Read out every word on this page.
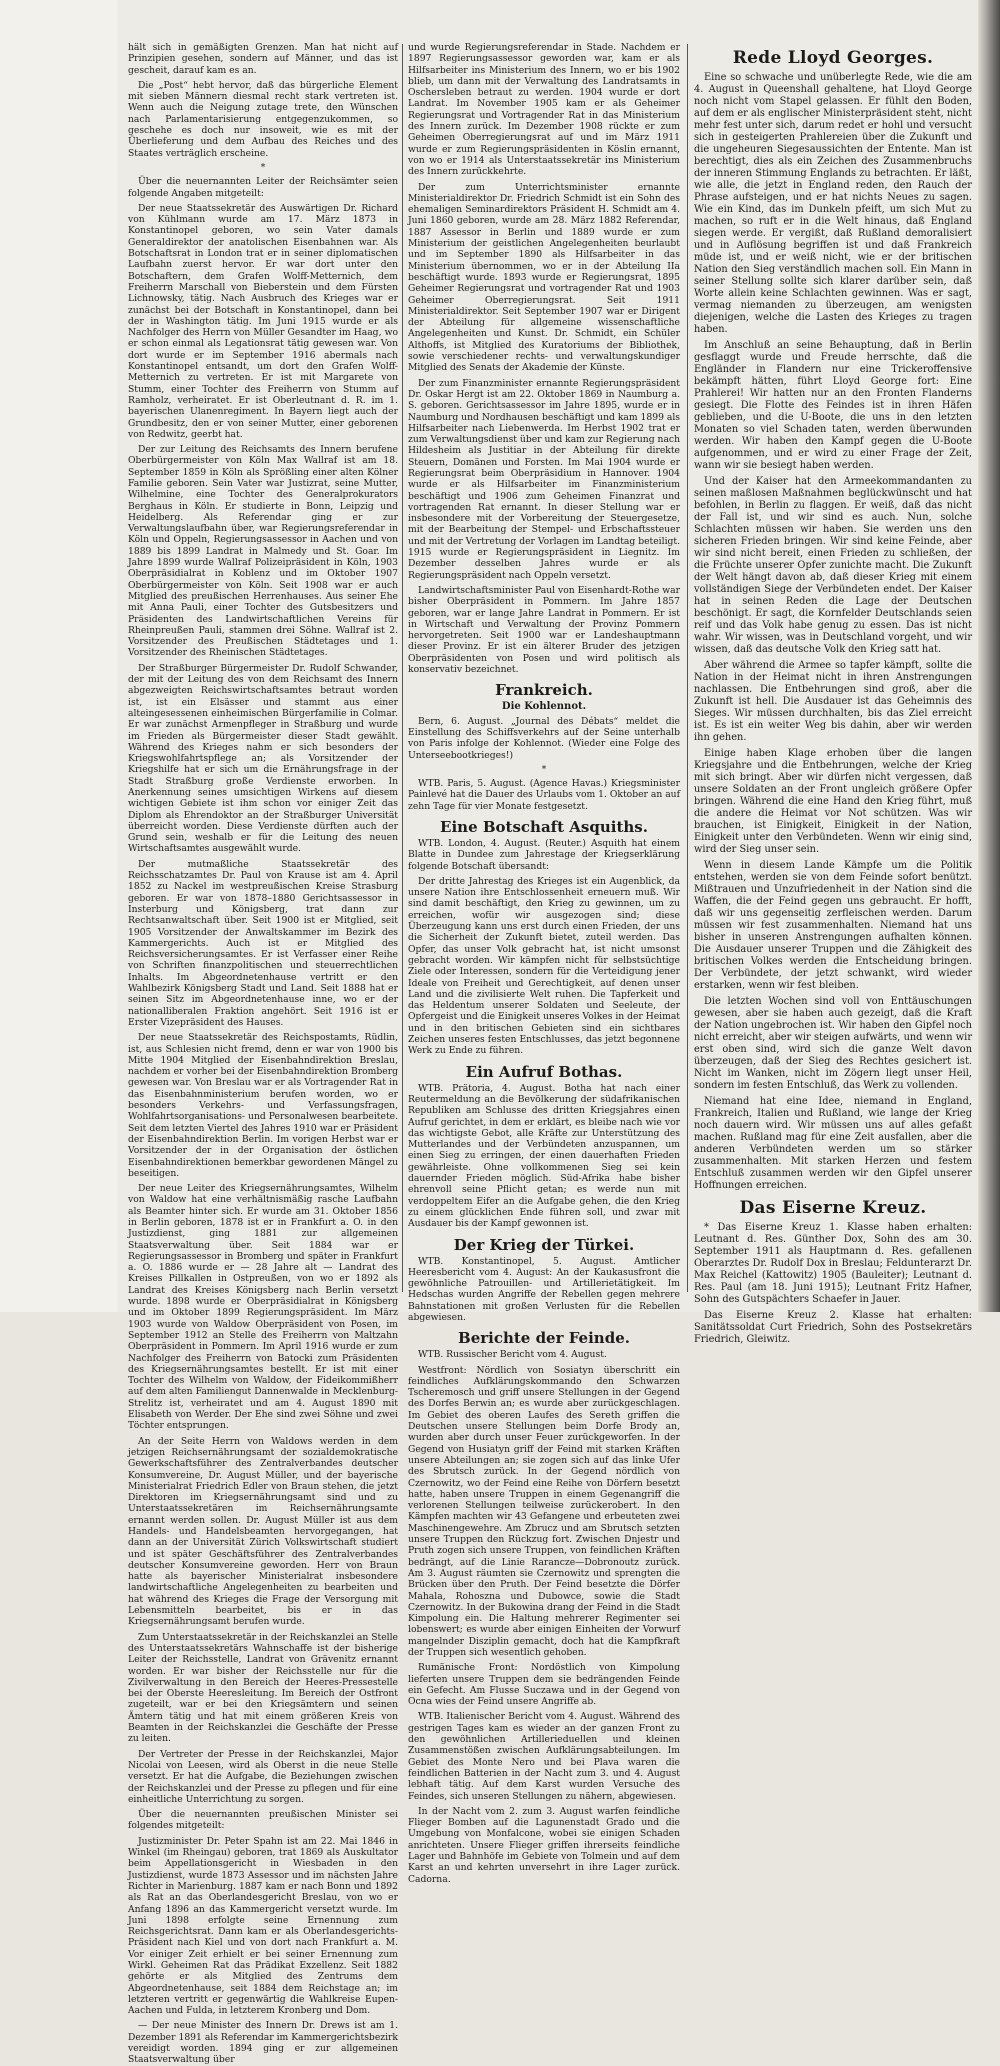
hält sich in gemäßigten Grenzen. Man hat nicht auf Prinzipien gesehen, sondern auf Männer, und das ist gescheit, darauf kam es an.

Die „Post“ hebt hervor, daß das bürgerliche Element mit sieben Männern diesmal recht stark vertreten ist. Wenn auch die Neigung zutage trete, den Wünschen nach Parlamentarisierung entgegenzukommen, so geschehe es doch nur insoweit, wie es mit der Überlieferung und dem Aufbau des Reiches und des Staates verträglich erscheine.

*

Über die neuernannten Leiter der Reichsämter seien folgende Angaben mitgeteilt:

Der neue Staatssekretär des Auswärtigen Dr. Richard von Kühlmann wurde am 17. März 1873 in Konstantinopel geboren, wo sein Vater damals Generaldirektor der anatolischen Eisenbahnen war. Als Botschaftsrat in London trat er in seiner diplomatischen Laufbahn zuerst hervor. Er war dort unter den Botschaftern, dem Grafen Wolff-Metternich, dem Freiherrn Marschall von Bieberstein und dem Fürsten Lichnowsky, tätig. Nach Ausbruch des Krieges war er zunächst bei der Botschaft in Konstantinopel, dann bei der in Washington tätig. Im Juni 1915 wurde er als Nachfolger des Herrn von Müller Gesandter im Haag, wo er schon einmal als Legationsrat tätig gewesen war. Von dort wurde er im September 1916 abermals nach Konstantinopel entsandt, um dort den Grafen Wolff-Metternich zu vertreten. Er ist mit Margarete von Stumm, einer Tochter des Freiherrn von Stumm auf Ramholz, verheiratet. Er ist Oberleutnant d. R. im 1. bayerischen Ulanenregiment. In Bayern liegt auch der Grundbesitz, den er von seiner Mutter, einer geborenen von Redwitz, geerbt hat.

Der zur Leitung des Reichsamts des Innern berufene Oberbürgermeister von Köln Max Wallraf ist am 18. September 1859 in Köln als Sprößling einer alten Kölner Familie geboren. Sein Vater war Justizrat, seine Mutter, Wilhelmine, eine Tochter des Generalprokurators Berghaus in Köln. Er studierte in Bonn, Leipzig und Heidelberg. Als Referendar ging er zur Verwaltungslaufbahn über, war Regierungsreferendar in Köln und Oppeln, Regierungsassessor in Aachen und von 1889 bis 1899 Landrat in Malmedy und St. Goar. Im Jahre 1899 wurde Wallraf Polizeipräsident in Köln, 1903 Oberpräsidialrat in Koblenz und im Oktober 1907 Oberbürgermeister von Köln. Seit 1908 war er auch Mitglied des preußischen Herrenhauses. Aus seiner Ehe mit Anna Pauli, einer Tochter des Gutsbesitzers und Präsidenten des Landwirtschaftlichen Vereins für Rheinpreußen Pauli, stammen drei Söhne. Wallraf ist 2. Vorsitzender des Preußischen Städtetages und 1. Vorsitzender des Rheinischen Städtetages.

Der Straßburger Bürgermeister Dr. Rudolf Schwander, der mit der Leitung des von dem Reichsamt des Innern abgezweigten Reichswirtschaftsamtes betraut worden ist, ist ein Elsässer und stammt aus einer alteingesessenen einheimischen Bürgerfamilie in Colmar. Er war zunächst Armenpfleger in Straßburg und wurde im Frieden als Bürgermeister dieser Stadt gewählt. Während des Krieges nahm er sich besonders der Kriegswohlfahrtspflege an; als Vorsitzender der Kriegshilfe hat er sich um die Ernährungsfrage in der Stadt Straßburg große Verdienste erworben. In Anerkennung seines umsichtigen Wirkens auf diesem wichtigen Gebiete ist ihm schon vor einiger Zeit das Diplom als Ehrendoktor an der Straßburger Universität überreicht worden. Diese Verdienste dürften auch der Grund sein, weshalb er für die Leitung des neuen Wirtschaftsamtes ausgewählt wurde.

Der mutmaßliche Staatssekretär des Reichsschatzamtes Dr. Paul von Krause ist am 4. April 1852 zu Nackel im westpreußischen Kreise Strasburg geboren. Er war von 1878–1880 Gerichtsassessor in Insterburg und Königsberg, trat dann zur Rechtsanwaltschaft über. Seit 1900 ist er Mitglied, seit 1905 Vorsitzender der Anwaltskammer im Bezirk des Kammergerichts. Auch ist er Mitglied des Reichsversicherungsamtes. Er ist Verfasser einer Reihe von Schriften finanzpolitischen und steuerrechtlichen Inhalts. Im Abgeordnetenhause vertritt er den Wahlbezirk Königsberg Stadt und Land. Seit 1888 hat er seinen Sitz im Abgeordnetenhause inne, wo er der nationalliberalen Fraktion angehört. Seit 1916 ist er Erster Vizepräsident des Hauses.

Der neue Staatssekretär des Reichspostamts, Rüdlin, ist, aus Schlesien nicht fremd, denn er war von 1900 bis Mitte 1904 Mitglied der Eisenbahndirektion Breslau, nachdem er vorher bei der Eisenbahndirektion Bromberg gewesen war. Von Breslau war er als Vortragender Rat in das Eisenbahnministerium berufen worden, wo er besonders Verkehrs- und Verfassungsfragen, Wohlfahrtsorganisations- und Personalwesen bearbeitete. Seit dem letzten Viertel des Jahres 1910 war er Präsident der Eisenbahndirektion Berlin. Im vorigen Herbst war er Vorsitzender der in der Organisation der östlichen Eisenbahndirektionen bemerkbar gewordenen Mängel zu beseitigen.

Der neue Leiter des Kriegsernährungsamtes, Wilhelm von Waldow hat eine verhältnismäßig rasche Laufbahn als Beamter hinter sich. Er wurde am 31. Oktober 1856 in Berlin geboren, 1878 ist er in Frankfurt a. O. in den Justizdienst, ging 1881 zur allgemeinen Staatsverwaltung über. Seit 1884 war er Regierungsassessor in Bromberg und später in Frankfurt a. O. 1886 wurde er — 28 Jahre alt — Landrat des Kreises Pillkallen in Ostpreußen, von wo er 1892 als Landrat des Kreises Königsberg nach Berlin versetzt wurde. 1898 wurde er Oberpräsidialrat in Königsberg und im Oktober 1899 Regierungspräsident. Im März 1903 wurde von Waldow Oberpräsident von Posen, im September 1912 an Stelle des Freiherrn von Maltzahn Oberpräsident in Pommern. Im April 1916 wurde er zum Nachfolger des Freiherrn von Batocki zum Präsidenten des Kriegsernährungsamtes bestellt. Er ist mit einer Tochter des Wilhelm von Waldow, der Fideikommißherr auf dem alten Familiengut Dannenwalde in Mecklenburg-Strelitz ist, verheiratet und am 4. August 1890 mit Elisabeth von Werder. Der Ehe sind zwei Söhne und zwei Töchter entsprungen.

An der Seite Herrn von Waldows werden in dem jetzigen Reichsernährungsamt der sozialdemokratische Gewerkschaftsführer des Zentralverbandes deutscher Konsumvereine, Dr. August Müller, und der bayerische Ministerialrat Friedrich Edler von Braun stehen, die jetzt Direktoren im Kriegsernährungsamt sind und zu Unterstaatssekretären im Reichsernährungsamte ernannt werden sollen. Dr. August Müller ist aus dem Handels- und Handelsbeamten hervorgegangen, hat dann an der Universität Zürich Volkswirtschaft studiert und ist später Geschäftsführer des Zentralverbandes deutscher Konsumvereine geworden. Herr von Braun hatte als bayerischer Ministerialrat insbesondere landwirtschaftliche Angelegenheiten zu bearbeiten und hat während des Krieges die Frage der Versorgung mit Lebensmitteln bearbeitet, bis er in das Kriegsernährungsamt berufen wurde.

Zum Unterstaatssekretär in der Reichskanzlei an Stelle des Unterstaatssekretärs Wahnschaffe ist der bisherige Leiter der Reichsstelle, Landrat von Grävenitz ernannt worden. Er war bisher der Reichsstelle nur für die Zivilverwaltung in den Bereich der Heeres-Pressestelle bei der Oberste Heeresleitung. Im Bereich der Ostfront zugeteilt, war er bei den Kriegsämtern und seinen Ämtern tätig und hat mit einem größeren Kreis von Beamten in der Reichskanzlei die Geschäfte der Presse zu leiten.

Der Vertreter der Presse in der Reichskanzlei, Major Nicolai von Leesen, wird als Oberst in die neue Stelle versetzt. Er hat die Aufgabe, die Beziehungen zwischen der Reichskanzlei und der Presse zu pflegen und für eine einheitliche Unterrichtung zu sorgen.

Über die neuernannten preußischen Minister sei folgendes mitgeteilt:

Justizminister Dr. Peter Spahn ist am 22. Mai 1846 in Winkel (im Rheingau) geboren, trat 1869 als Auskultator beim Appellationsgericht in Wiesbaden in den Justizdienst, wurde 1873 Assessor und im nächsten Jahre Richter in Marienburg. 1887 kam er nach Bonn und 1892 als Rat an das Oberlandesgericht Breslau, von wo er Anfang 1896 an das Kammergericht versetzt wurde. Im Juni 1898 erfolgte seine Ernennung zum Reichsgerichtsrat. Dann kam er als Oberlandesgerichts-Präsident nach Kiel und von dort nach Frankfurt a. M. Vor einiger Zeit erhielt er bei seiner Ernennung zum Wirkl. Geheimen Rat das Prädikat Exzellenz. Seit 1882 gehörte er als Mitglied des Zentrums dem Abgeordnetenhause, seit 1884 dem Reichstage an; im letzteren vertritt er gegenwärtig die Wahlkreise Eupen-Aachen und Fulda, in letzterem Kronberg und Dom.

— Der neue Minister des Innern Dr. Drews ist am 1. Dezember 1891 als Referendar im Kammergerichtsbezirk vereidigt worden. 1894 ging er zur allgemeinen Staatsverwaltung über

und wurde Regierungsreferendar in Stade. Nachdem er 1897 Regierungsassessor geworden war, kam er als Hilfsarbeiter ins Ministerium des Innern, wo er bis 1902 blieb, um dann mit der Verwaltung des Landratsamts in Oschersleben betraut zu werden. 1904 wurde er dort Landrat. Im November 1905 kam er als Geheimer Regierungsrat und Vortragender Rat in das Ministerium des Innern zurück. Im Dezember 1908 rückte er zum Geheimen Oberregierungsrat auf und im März 1911 wurde er zum Regierungspräsidenten in Köslin ernannt, von wo er 1914 als Unterstaatssekretär ins Ministerium des Innern zurückkehrte.

Der zum Unterrichtsminister ernannte Ministerialdirektor Dr. Friedrich Schmidt ist ein Sohn des ehemaligen Seminardirektors Präsident H. Schmidt am 4. Juni 1860 geboren, wurde am 28. März 1882 Referendar, 1887 Assessor in Berlin und 1889 wurde er zum Ministerium der geistlichen Angelegenheiten beurlaubt und im September 1890 als Hilfsarbeiter in das Ministerium übernommen, wo er in der Abteilung IIa beschäftigt wurde. 1893 wurde er Regierungsrat, 1895 Geheimer Regierungsrat und vortragender Rat und 1903 Geheimer Oberregierungsrat. Seit 1911 Ministerialdirektor. Seit September 1907 war er Dirigent der Abteilung für allgemeine wissenschaftliche Angelegenheiten und Kunst. Dr. Schmidt, ein Schüler Althoffs, ist Mitglied des Kuratoriums der Bibliothek, sowie verschiedener rechts- und verwaltungskundiger Mitglied des Senats der Akademie der Künste.

Der zum Finanzminister ernannte Regierungspräsident Dr. Oskar Hergt ist am 22. Oktober 1869 in Naumburg a. S. geboren. Gerichtsassessor im Jahre 1895, wurde er in Naumburg und Nordhausen beschäftigt und kam 1899 als Hilfsarbeiter nach Liebenwerda. Im Herbst 1902 trat er zum Verwaltungsdienst über und kam zur Regierung nach Hildesheim als Justitiar in der Abteilung für direkte Steuern, Domänen und Forsten. Im Mai 1904 wurde er Regierungsrat beim Oberpräsidium in Hannover. 1904 wurde er als Hilfsarbeiter im Finanzministerium beschäftigt und 1906 zum Geheimen Finanzrat und vortragenden Rat ernannt. In dieser Stellung war er insbesondere mit der Vorbereitung der Steuergesetze, mit der Bearbeitung der Stempel- und Erbschaftssteuer und mit der Vertretung der Vorlagen im Landtag beteiligt. 1915 wurde er Regierungspräsident in Liegnitz. Im Dezember desselben Jahres wurde er als Regierungspräsident nach Oppeln versetzt.

Landwirtschaftsminister Paul von Eisenhardt-Rothe war bisher Oberpräsident in Pommern. Im Jahre 1857 geboren, war er lange Jahre Landrat in Pommern. Er ist in Wirtschaft und Verwaltung der Provinz Pommern hervorgetreten. Seit 1900 war er Landeshauptmann dieser Provinz. Er ist ein älterer Bruder des jetzigen Oberpräsidenten von Posen und wird politisch als konservativ bezeichnet.

Frankreich.
Die Kohlennot.

Bern, 6. August. „Journal des Débats“ meldet die Einstellung des Schiffsverkehrs auf der Seine unterhalb von Paris infolge der Kohlennot. (Wieder eine Folge des Unterseebootkrieges!)

*

WTB. Paris, 5. August. (Agence Havas.) Kriegsminister Painlevé hat die Dauer des Urlaubs vom 1. Oktober an auf zehn Tage für vier Monate festgesetzt.

Eine Botschaft Asquiths.

WTB. London, 4. August. (Reuter.) Asquith hat einem Blatte in Dundee zum Jahrestage der Kriegserklärung folgende Botschaft übersandt:

Der dritte Jahrestag des Krieges ist ein Augenblick, da unsere Nation ihre Entschlossenheit erneuern muß. Wir sind damit beschäftigt, den Krieg zu gewinnen, um zu erreichen, wofür wir ausgezogen sind; diese Überzeugung kann uns erst durch einen Frieden, der uns die Sicherheit der Zukunft bietet, zuteil werden. Das Opfer, das unser Volk gebracht hat, ist nicht umsonst gebracht worden. Wir kämpfen nicht für selbstsüchtige Ziele oder Interessen, sondern für die Verteidigung jener Ideale von Freiheit und Gerechtigkeit, auf denen unser Land und die zivilisierte Welt ruhen. Die Tapferkeit und das Heldentum unserer Soldaten und Seeleute, der Opfergeist und die Einigkeit unseres Volkes in der Heimat und in den britischen Gebieten sind ein sichtbares Zeichen unseres festen Entschlusses, das jetzt begonnene Werk zu Ende zu führen.

Ein Aufruf Bothas.

WTB. Prätoria, 4. August. Botha hat nach einer Reutermeldung an die Bevölkerung der südafrikanischen Republiken am Schlusse des dritten Kriegsjahres einen Aufruf gerichtet, in dem er erklärt, es bleibe nach wie vor das wichtigste Gebot, alle Kräfte zur Unterstützung des Mutterlandes und der Verbündeten anzuspannen, um einen Sieg zu erringen, der einen dauerhaften Frieden gewährleiste. Ohne vollkommenen Sieg sei kein dauernder Frieden möglich. Süd-Afrika habe bisher ehrenvoll seine Pflicht getan; es werde nun mit verdoppeltem Eifer an die Aufgabe gehen, die den Krieg zu einem glücklichen Ende führen soll, und zwar mit Ausdauer bis der Kampf gewonnen ist.

Der Krieg der Türkei.

WTB. Konstantinopel, 5. August. Amtlicher Heeresbericht vom 4. August: An der Kaukasusfront die gewöhnliche Patrouillen- und Artillerietätigkeit. Im Hedschas wurden Angriffe der Rebellen gegen mehrere Bahnstationen mit großen Verlusten für die Rebellen abgewiesen.

Berichte der Feinde.

WTB. Russischer Bericht vom 4. August.

Westfront: Nördlich von Sosiatyn überschritt ein feindliches Aufklärungskommando den Schwarzen Tscheremosch und griff unsere Stellungen in der Gegend des Dorfes Berwin an; es wurde aber zurückgeschlagen. Im Gebiet des oberen Laufes des Sereth griffen die Deutschen unsere Stellungen beim Dorfe Brody an, wurden aber durch unser Feuer zurückgeworfen. In der Gegend von Husiatyn griff der Feind mit starken Kräften unsere Abteilungen an; sie zogen sich auf das linke Ufer des Sbrutsch zurück. In der Gegend nördlich von Czernowitz, wo der Feind eine Reihe von Dörfern besetzt hatte, haben unsere Truppen in einem Gegenangriff die verlorenen Stellungen teilweise zurückerobert. In den Kämpfen machten wir 43 Gefangene und erbeuteten zwei Maschinengewehre. Am Zbrucz und am Sbrutsch setzten unsere Truppen den Rückzug fort. Zwischen Dnjestr und Pruth zogen sich unsere Truppen, von feindlichen Kräften bedrängt, auf die Linie Rarancze—Dobronoutz zurück. Am 3. August räumten sie Czernowitz und sprengten die Brücken über den Pruth. Der Feind besetzte die Dörfer Mahala, Rohoszna und Dubowce, sowie die Stadt Czernowitz. In der Bukowina drang der Feind in die Stadt Kimpolung ein. Die Haltung mehrerer Regimenter sei lobenswert; es wurde aber einigen Einheiten der Vorwurf mangelnder Disziplin gemacht, doch hat die Kampfkraft der Truppen sich wesentlich gehoben.

Rumänische Front: Nordöstlich von Kimpolung lieferten unsere Truppen dem sie bedrängenden Feinde ein Gefecht. Am Flusse Suczawa und in der Gegend von Ocna wies der Feind unsere Angriffe ab.

WTB. Italienischer Bericht vom 4. August. Während des gestrigen Tages kam es wieder an der ganzen Front zu den gewöhnlichen Artillerieduellen und kleinen Zusammenstößen zwischen Aufklärungsabteilungen. Im Gebiet des Monte Nero und bei Plava waren die feindlichen Batterien in der Nacht zum 3. und 4. August lebhaft tätig. Auf dem Karst wurden Versuche des Feindes, sich unseren Stellungen zu nähern, abgewiesen.

In der Nacht vom 2. zum 3. August warfen feindliche Flieger Bomben auf die Lagunenstadt Grado und die Umgebung von Monfalcone, wobei sie einigen Schaden anrichteten. Unsere Flieger griffen ihrerseits feindliche Lager und Bahnhöfe im Gebiete von Tolmein und auf dem Karst an und kehrten unversehrt in ihre Lager zurück. Cadorna.

Rede Lloyd Georges.

Eine so schwache und unüberlegte Rede, wie die am 4. August in Queenshall gehaltene, hat Lloyd George noch nicht vom Stapel gelassen. Er fühlt den Boden, auf dem er als englischer Ministerpräsident steht, nicht mehr fest unter sich, darum redet er hohl und versucht sich in gesteigerten Prahlereien über die Zukunft und die ungeheuren Siegesaussichten der Entente. Man ist berechtigt, dies als ein Zeichen des Zusammenbruchs der inneren Stimmung Englands zu betrachten. Er läßt, wie alle, die jetzt in England reden, den Rauch der Phrase aufsteigen, und er hat nichts Neues zu sagen. Wie ein Kind, das im Dunkeln pfeift, um sich Mut zu machen, so ruft er in die Welt hinaus, daß England siegen werde. Er vergißt, daß Rußland demoralisiert und in Auflösung begriffen ist und daß Frankreich müde ist, und er weiß nicht, wie er der britischen Nation den Sieg verständlich machen soll. Ein Mann in seiner Stellung sollte sich klarer darüber sein, daß Worte allein keine Schlachten gewinnen. Was er sagt, vermag niemanden zu überzeugen, am wenigsten diejenigen, welche die Lasten des Krieges zu tragen haben.

Im Anschluß an seine Behauptung, daß in Berlin gesflaggt wurde und Freude herrschte, daß die Engländer in Flandern nur eine Trickeroffensive bekämpft hätten, führt Lloyd George fort: Eine Prahlerei! Wir hatten nur an den Fronten Flanderns gesiegt. Die Flotte des Feindes ist in ihren Häfen geblieben, und die U-Boote, die uns in den letzten Monaten so viel Schaden taten, werden überwunden werden. Wir haben den Kampf gegen die U-Boote aufgenommen, und er wird zu einer Frage der Zeit, wann wir sie besiegt haben werden.

Und der Kaiser hat den Armeekommandanten zu seinen maßlosen Maßnahmen beglückwünscht und hat befohlen, in Berlin zu flaggen. Er weiß, daß das nicht der Fall ist, und wir sind es auch. Nun, solche Schlachten müssen wir haben. Sie werden uns den sicheren Frieden bringen. Wir sind keine Feinde, aber wir sind nicht bereit, einen Frieden zu schließen, der die Früchte unserer Opfer zunichte macht. Die Zukunft der Welt hängt davon ab, daß dieser Krieg mit einem vollständigen Siege der Verbündeten endet. Der Kaiser hat in seinen Reden die Lage der Deutschen beschönigt. Er sagt, die Kornfelder Deutschlands seien reif und das Volk habe genug zu essen. Das ist nicht wahr. Wir wissen, was in Deutschland vorgeht, und wir wissen, daß das deutsche Volk den Krieg satt hat.

Aber während die Armee so tapfer kämpft, sollte die Nation in der Heimat nicht in ihren Anstrengungen nachlassen. Die Entbehrungen sind groß, aber die Zukunft ist hell. Die Ausdauer ist das Geheimnis des Sieges. Wir müssen durchhalten, bis das Ziel erreicht ist. Es ist ein weiter Weg bis dahin, aber wir werden ihn gehen.

Einige haben Klage erhoben über die langen Kriegsjahre und die Entbehrungen, welche der Krieg mit sich bringt. Aber wir dürfen nicht vergessen, daß unsere Soldaten an der Front ungleich größere Opfer bringen. Während die eine Hand den Krieg führt, muß die andere die Heimat vor Not schützen. Was wir brauchen, ist Einigkeit, Einigkeit in der Nation, Einigkeit unter den Verbündeten. Wenn wir einig sind, wird der Sieg unser sein.

Wenn in diesem Lande Kämpfe um die Politik entstehen, werden sie von dem Feinde sofort benützt. Mißtrauen und Unzufriedenheit in der Nation sind die Waffen, die der Feind gegen uns gebraucht. Er hofft, daß wir uns gegenseitig zerfleischen werden. Darum müssen wir fest zusammenhalten. Niemand hat uns bisher in unseren Anstrengungen aufhalten können. Die Ausdauer unserer Truppen und die Zähigkeit des britischen Volkes werden die Entscheidung bringen. Der Verbündete, der jetzt schwankt, wird wieder erstarken, wenn wir fest bleiben.

Die letzten Wochen sind voll von Enttäuschungen gewesen, aber sie haben auch gezeigt, daß die Kraft der Nation ungebrochen ist. Wir haben den Gipfel noch nicht erreicht, aber wir steigen aufwärts, und wenn wir erst oben sind, wird sich die ganze Welt davon überzeugen, daß der Sieg des Rechtes gesichert ist. Nicht im Wanken, nicht im Zögern liegt unser Heil, sondern im festen Entschluß, das Werk zu vollenden.

Niemand hat eine Idee, niemand in England, Frankreich, Italien und Rußland, wie lange der Krieg noch dauern wird. Wir müssen uns auf alles gefaßt machen. Rußland mag für eine Zeit ausfallen, aber die anderen Verbündeten werden um so stärker zusammenhalten. Mit starken Herzen und festem Entschluß zusammen werden wir den Gipfel unserer Hoffnungen erreichen.

Das Eiserne Kreuz.

* Das Eiserne Kreuz 1. Klasse haben erhalten: Leutnant d. Res. Günther Dox, Sohn des am 30. September 1911 als Hauptmann d. Res. gefallenen Oberarztes Dr. Rudolf Dox in Breslau; Feldunterarzt Dr. Max Reichel (Kattowitz) 1905 (Bauleiter); Leutnant d. Res. Paul (am 18. Juni 1915); Leutnant Fritz Hafner, Sohn des Gutspächters Schaefer in Jauer.

Das Eiserne Kreuz 2. Klasse hat erhalten: Sanitätssoldat Curt Friedrich, Sohn des Postsekretärs Friedrich, Gleiwitz.
